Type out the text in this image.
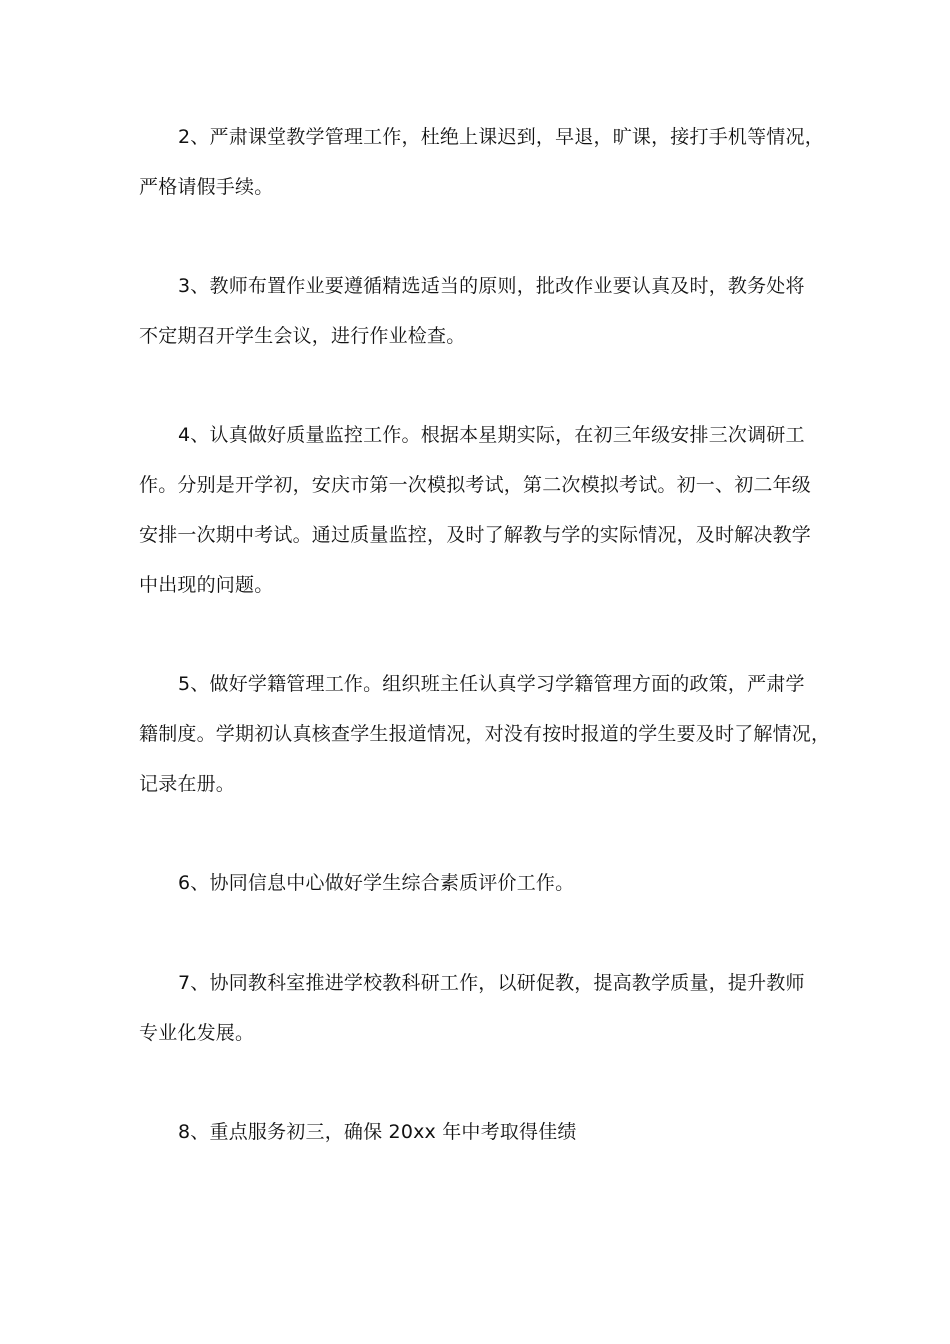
2、严肃课堂教学管理工作，杜绝上课迟到，早退，旷课，接打手机等情况，
严格请假手续。
3、教师布置作业要遵循精选适当的原则，批改作业要认真及时，教务处将
不定期召开学生会议，进行作业检查。
4、认真做好质量监控工作。根据本星期实际，在初三年级安排三次调研工
作。分别是开学初，安庆市第一次模拟考试，第二次模拟考试。初一、初二年级
安排一次期中考试。通过质量监控，及时了解教与学的实际情况，及时解决教学
中出现的问题。
5、做好学籍管理工作。组织班主任认真学习学籍管理方面的政策，严肃学
籍制度。学期初认真核查学生报道情况，对没有按时报道的学生要及时了解情况，
记录在册。
6、协同信息中心做好学生综合素质评价工作。
7、协同教科室推进学校教科研工作，以研促教，提高教学质量，提升教师
专业化发展。
8、重点服务初三，确保 20xx 年中考取得佳绩
